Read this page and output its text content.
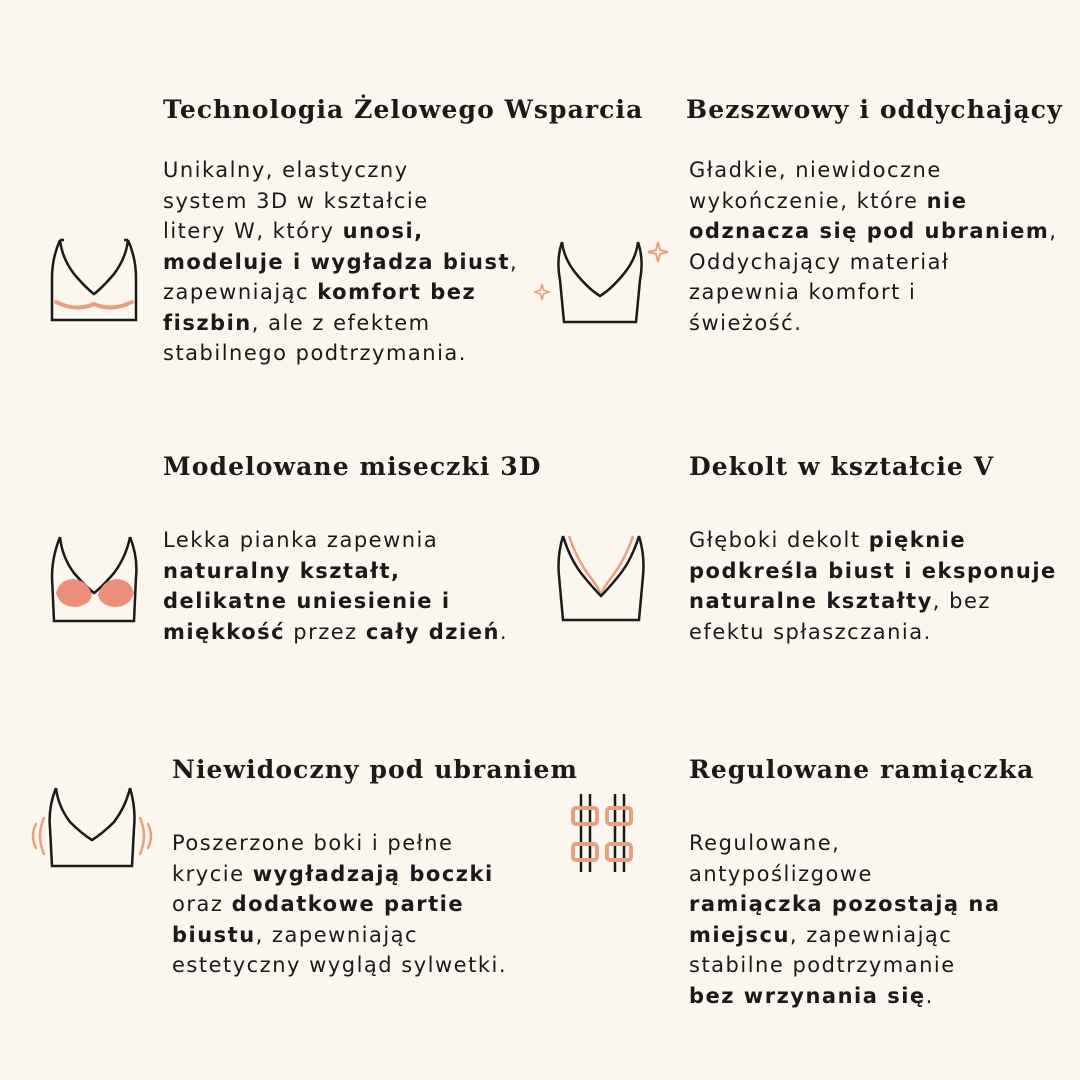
Technologia Żelowego Wsparcia

Unikalny, elastyczny
system 3D w kształcie
litery W, który unosi,
modeluje i wygładza biust,
zapewniając komfort bez
fiszbin, ale z efektem
stabilnego podtrzymania.

Bezszwowy i oddychający

Gładkie, niewidoczne
wykończenie, które nie
odznacza się pod ubraniem,
Oddychający materiał
zapewnia komfort i
świeżość.

Modelowane miseczki 3D

Lekka pianka zapewnia
naturalny kształt,
delikatne uniesienie i
miękkość przez cały dzień.

Dekolt w kształcie V

Głęboki dekolt pięknie
podkreśla biust i eksponuje
naturalne kształty, bez
efektu spłaszczania.

Niewidoczny pod ubraniem

Poszerzone boki i pełne
krycie wygładzają boczki
oraz dodatkowe partie
biustu, zapewniając
estetyczny wygląd sylwetki.

Regulowane ramiączka

Regulowane,
antypoślizgowe
ramiączka pozostają na
miejscu, zapewniając
stabilne podtrzymanie
bez wrzynania się.
